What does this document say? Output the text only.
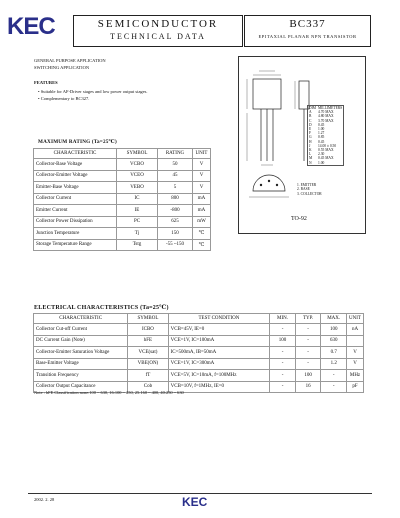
KEC	SEMICONDUCTOR
TECHNICAL DATA
BC337
EPITAXIAL PLANAR NPN TRANSISTOR
GENERAL PURPOSE APPLICATION
SWITCHING APPLICATION
FEATURES
• Suitable for AF-Driver stages and low power output stages.
• Complementary to BC327.
MAXIMUM RATING (Ta=25℃)
CHARACTERISTIC	SYMBOL	RATING	UNIT
Collector-Base Voltage	VCBO	50	V
Collector-Emitter Voltage	VCEO	45	V
Emitter-Base Voltage	VEBO	5	V
Collector Current	IC	800	mA
Emitter Current	IE	-800	mA
Collector Power Dissipation	PC	625	mW
Junction Temperature	Tj	150	℃
Storage Temperature Range	Tstg	-55 ~150	℃
DIM	MILLIMETERS
A	4.70 MAX
B	4.80 MAX
C	3.70 MAX
D	0.45
E	1.00
F	1.27
G	0.85
H	0.45
J	14.00 ± 0.50
K	0.55 MAX
L	2.30
M	0.45 MAX
N	1.00
1. EMITTER
2. BASE
3. COLLECTOR
TO-92
ELECTRICAL CHARACTERISTICS (Ta=25℃)
CHARACTERISTIC	SYMBOL	TEST CONDITION	MIN.	TYP.	MAX.	UNIT
Collector Cut-off Current	ICBO	VCB=45V, IE=0	-	-	100	nA
DC Current Gain (Note)	hFE	VCE=1V, IC=100mA	100	-	630	
Collector-Emitter Saturation Voltage	VCE(sat)	IC=500mA, IB=50mA	-	-	0.7	V
Base-Emitter Voltage	VBE(ON)	VCE=1V, IC=300mA	-	-	1.2	V
Transition Frequency	fT	VCE=5V, IC=10mA, f=100MHz	-	100	-	MHz
Collector Output Capacitance	Cob	VCB=10V, f=1MHz, IE=0	-	16	-	pF
Note : hFE Classification none:100 ~ 630, 16:100 ~ 250, 25:160 ~ 400, 40:250 ~ 630
2002. 2. 28	KEC
